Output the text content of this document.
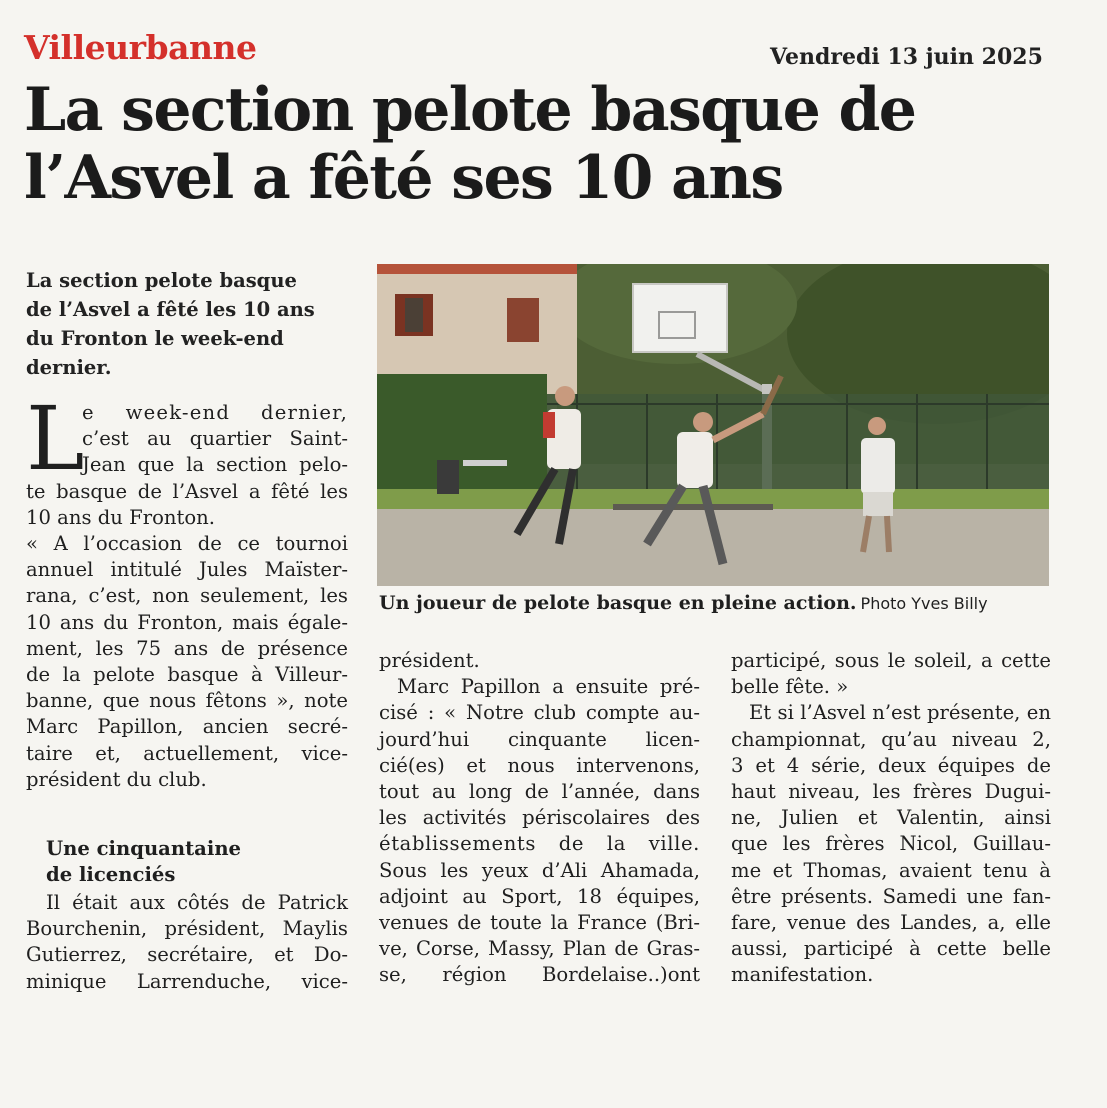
Villeurbanne	Vendredi 13 juin 2025
La section pelote basque de
l’Asvel a fêté ses 10 ans

La section pelote basque
de l’Asvel a fêté les 10 ans
du Fronton le week-end
dernier.

L
e week-end dernier,
c’est au quartier Saint-
Jean que la section pelo-
te basque de l’Asvel a fêté les
10 ans du Fronton.
« A l’occasion de ce tournoi
annuel intitulé Jules Maïster-
rana, c’est, non seulement, les
10 ans du Fronton, mais égale-
ment, les 75 ans de présence
de la pelote basque à Villeur-
banne, que nous fêtons », note
Marc Papillon, ancien secré-
taire et, actuellement, vice-
président du club.
Une cinquantaine
de licenciés
Il était aux côtés de Patrick
Bourchenin, président, Maylis
Gutierrez, secrétaire, et Do-
minique Larrenduche, vice-
Un joueur de pelote basque en pleine action. Photo Yves Billy
président.
Marc Papillon a ensuite pré-
cisé : « Notre club compte au-
jourd’hui cinquante licen-
cié(es) et nous intervenons,
tout au long de l’année, dans
les activités périscolaires des
établissements de la ville.
Sous les yeux d’Ali Ahamada,
adjoint au Sport, 18 équipes,
venues de toute la France (Bri-
ve, Corse, Massy, Plan de Gras-
se, région Bordelaise..)ont
participé, sous le soleil, a cette
belle fête. »
Et si l’Asvel n’est présente, en
championnat, qu’au niveau 2,
3 et 4 série, deux équipes de
haut niveau, les frères Dugui-
ne, Julien et Valentin, ainsi
que les frères Nicol, Guillau-
me et Thomas, avaient tenu à
être présents. Samedi une fan-
fare, venue des Landes, a, elle
aussi, participé à cette belle
manifestation.
